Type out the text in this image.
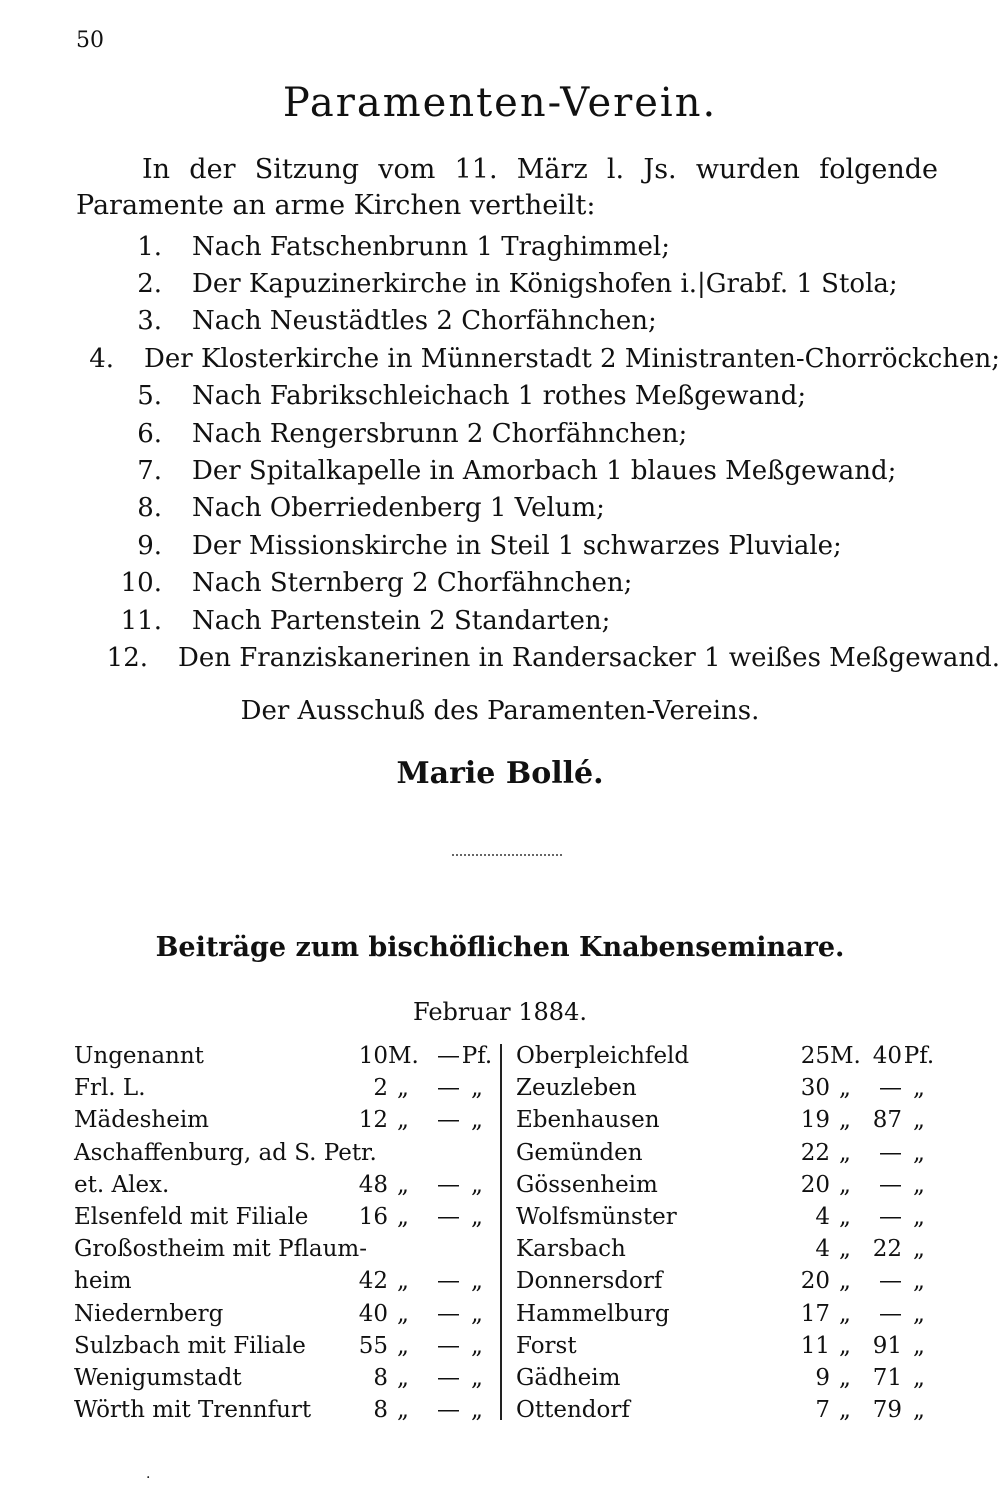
50
Paramenten-Verein.
In der Sitzung vom 11. März l. Js. wurden folgende Paramente an arme Kirchen vertheilt:
1. Nach Fatschenbrunn 1 Traghimmel;
2. Der Kapuzinerkirche in Königshofen i.|Grabf. 1 Stola;
3. Nach Neustädtles 2 Chorfähnchen;
4. Der Klosterkirche in Münnerstadt 2 Ministranten-Chorröckchen;
5. Nach Fabrikschleichach 1 rothes Meßgewand;
6. Nach Rengersbrunn 2 Chorfähnchen;
7. Der Spitalkapelle in Amorbach 1 blaues Meßgewand;
8. Nach Oberriedenberg 1 Velum;
9. Der Missionskirche in Steil 1 schwarzes Pluviale;
10. Nach Sternberg 2 Chorfähnchen;
11. Nach Partenstein 2 Standarten;
12. Den Franziskanerinen in Randersacker 1 weißes Meßgewand.
Der Ausschuß des Paramenten-Vereins.
Marie Bollé.
Beiträge zum bischöflichen Knabenseminare.
Februar 1884.
Ungenannt	10M. —Pf.
Frl. L.	2 „ — „
Mädesheim	12 „ — „
Aschaffenburg, ad S. Petr.
et. Alex.	48 „ — „
Elsenfeld mit Filiale	16 „ — „
Großostheim mit Pflaum-
heim	42 „ — „
Niedernberg	40 „ — „
Sulzbach mit Filiale	55 „ — „
Wenigumstadt	8 „ — „
Wörth mit Trennfurt	8 „ — „
Oberpleichfeld	25M. 40Pf.
Zeuzleben	30 „ — „
Ebenhausen	19 „ 87 „
Gemünden	22 „ — „
Gössenheim	20 „ — „
Wolfsmünster	4 „ — „
Karsbach	4 „ 22 „
Donnersdorf	20 „ — „
Hammelburg	17 „ — „
Forst	11 „ 91 „
Gädheim	9 „ 71 „
Ottendorf	7 „ 79 „
·
